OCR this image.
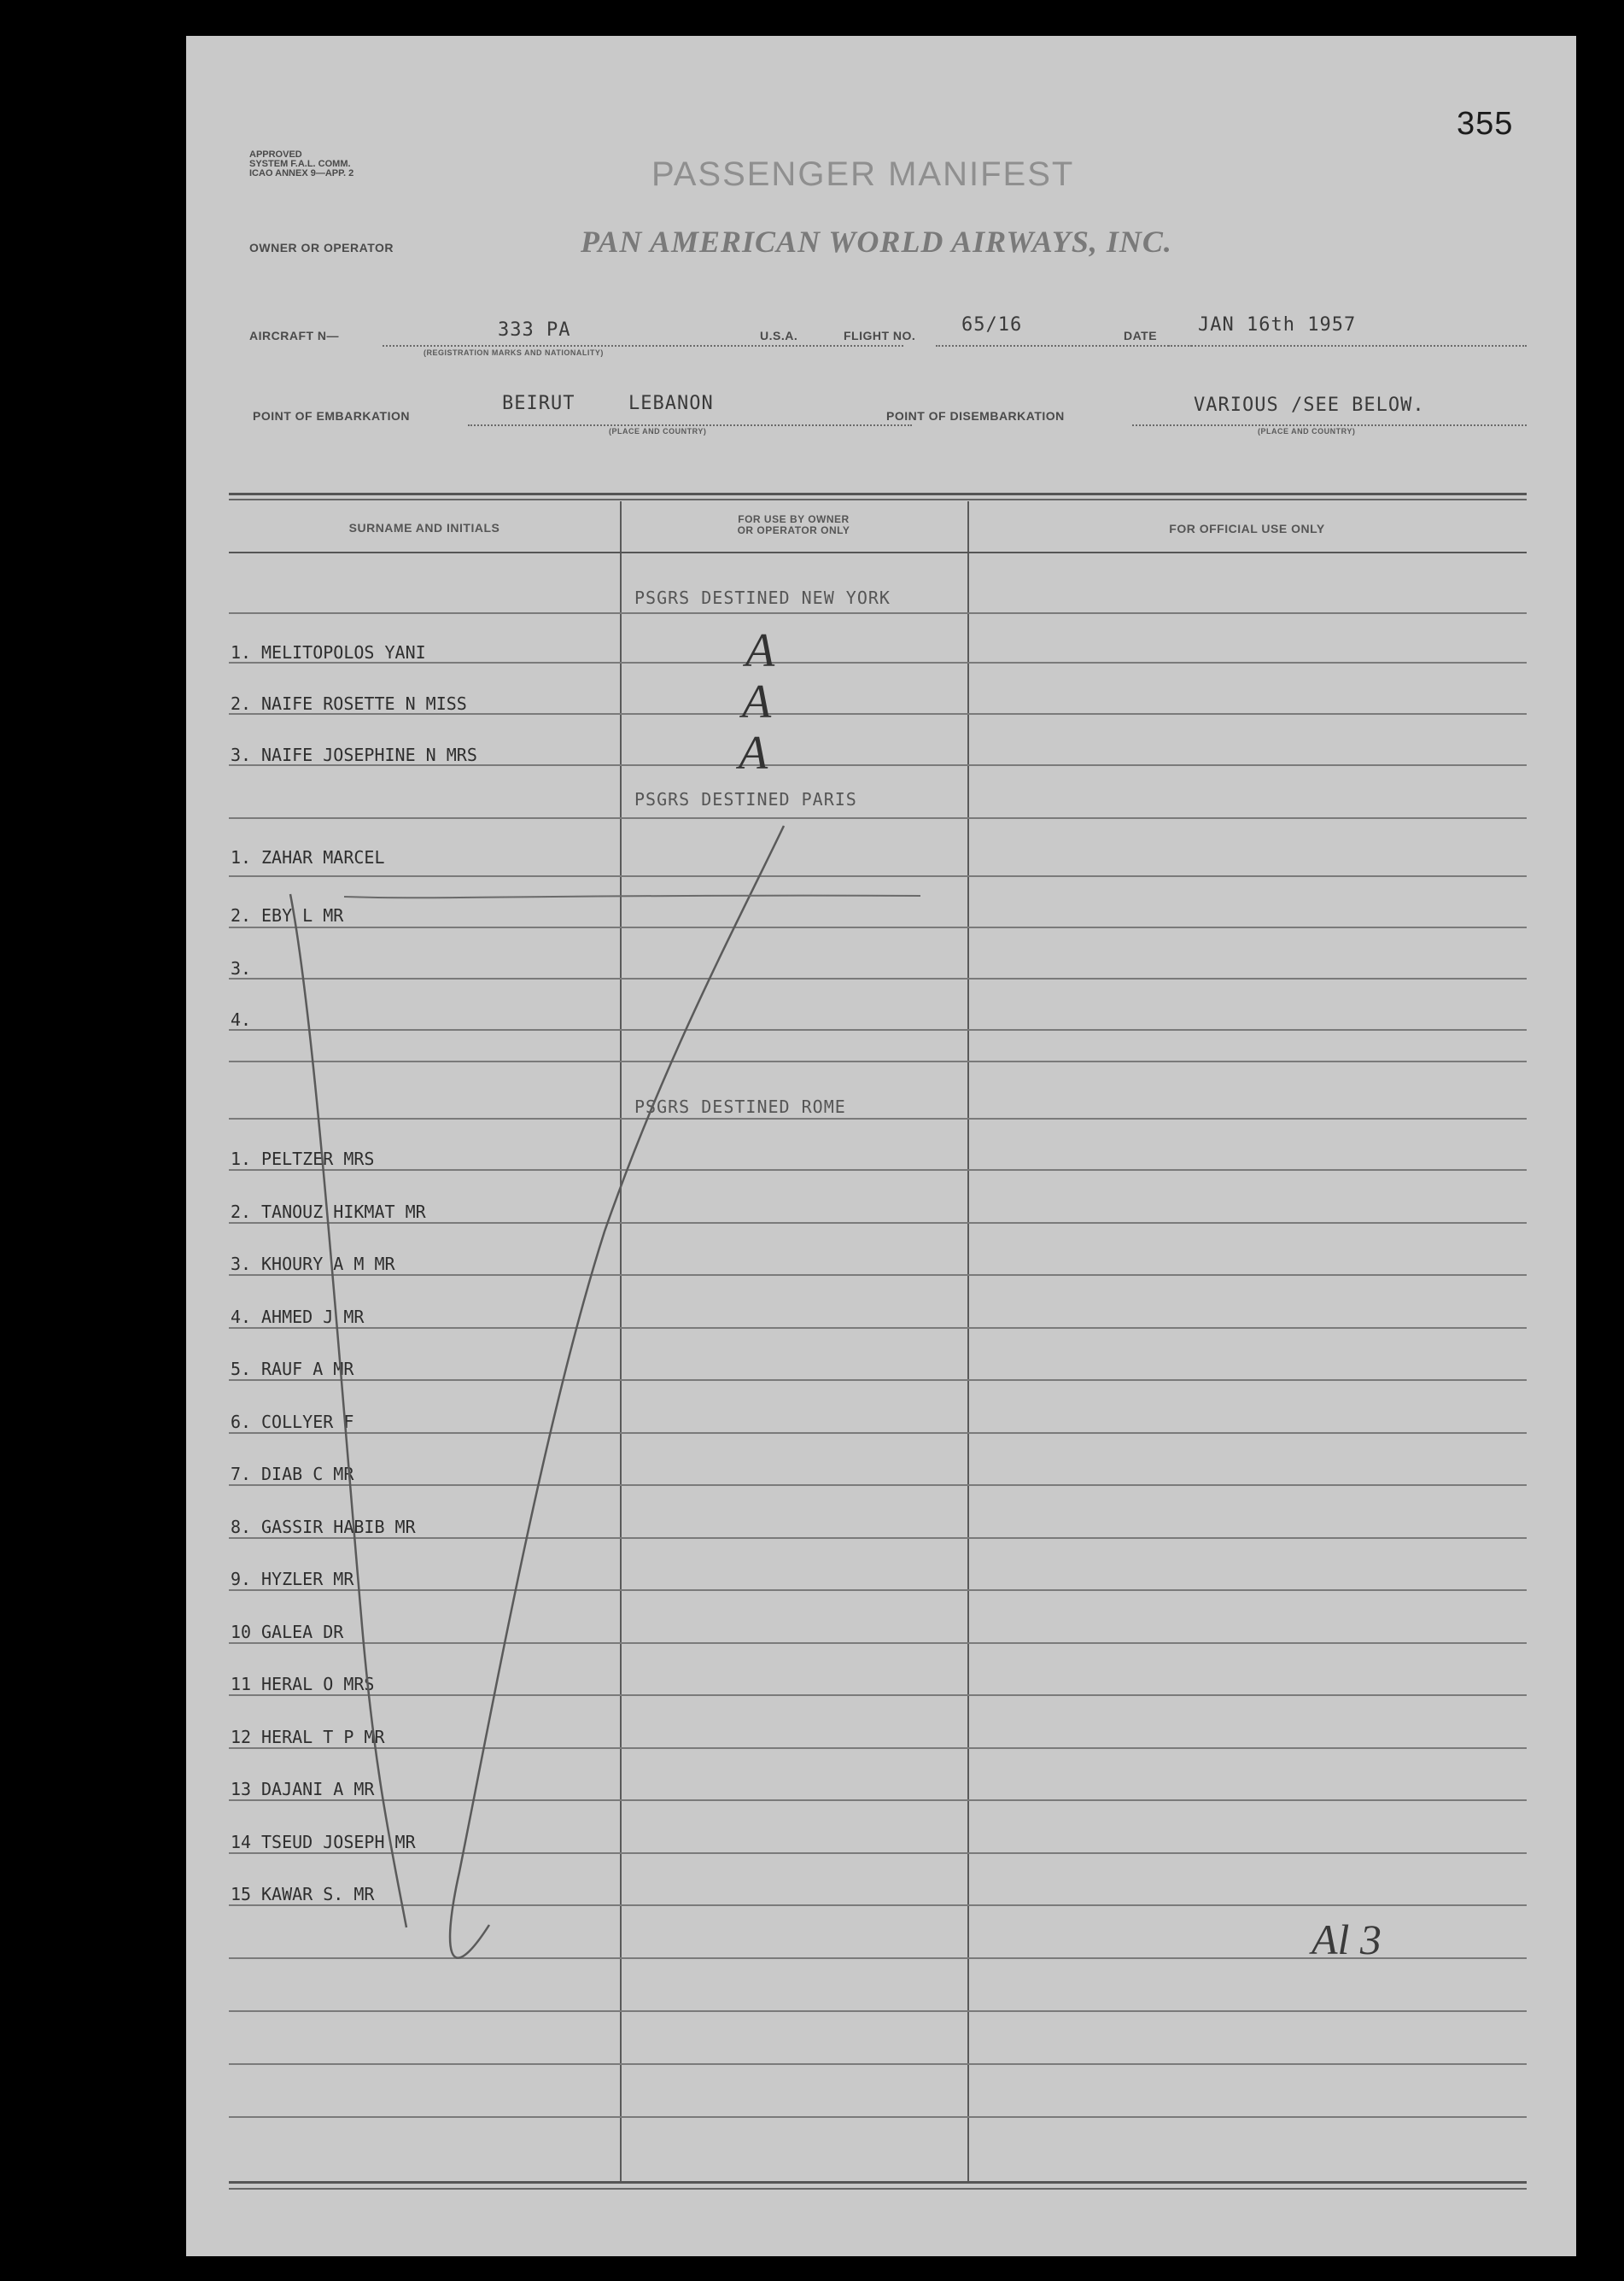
355
APPROVED
SYSTEM F.A.L. COMM.
ICAO ANNEX 9—APP. 2	PASSENGER MANIFEST
OWNER OR OPERATOR	PAN AMERICAN WORLD AIRWAYS, INC.
AIRCRAFT N—	333 PA
(REGISTRATION MARKS AND NATIONALITY)
U.S.A.	FLIGHT NO. 65/16	DATE JAN 16th 1957
POINT OF EMBARKATION
BEIRUT	LEBANON
(PLACE AND COUNTRY)
POINT OF DISEMBARKATION	VARIOUS /SEE BELOW.
(PLACE AND COUNTRY)
SURNAME AND INITIALS
FOR USE BY OWNER
OR OPERATOR ONLY	FOR OFFICIAL USE ONLY
PSGRS DESTINED NEW YORK
1. MELITOPOLOS YANI	A
2. NAIFE ROSETTE N MISS	A
3. NAIFE JOSEPHINE N MRS	A
PSGRS DESTINED PARIS
1. ZAHAR MARCEL
2. EBY L MR
3.
4.
PSGRS DESTINED ROME
1. PELTZER MRS
2. TANOUZ HIKMAT MR
3. KHOURY A M MR
4. AHMED J MR
5. RAUF A MR
6. COLLYER F
7. DIAB C MR
8. GASSIR HABIB MR
9. HYZLER MR
10 GALEA DR
11 HERAL O MRS
12 HERAL T P MR
13 DAJANI A MR
14 TSEUD JOSEPH MR
15 KAWAR S. MR
Al 3
